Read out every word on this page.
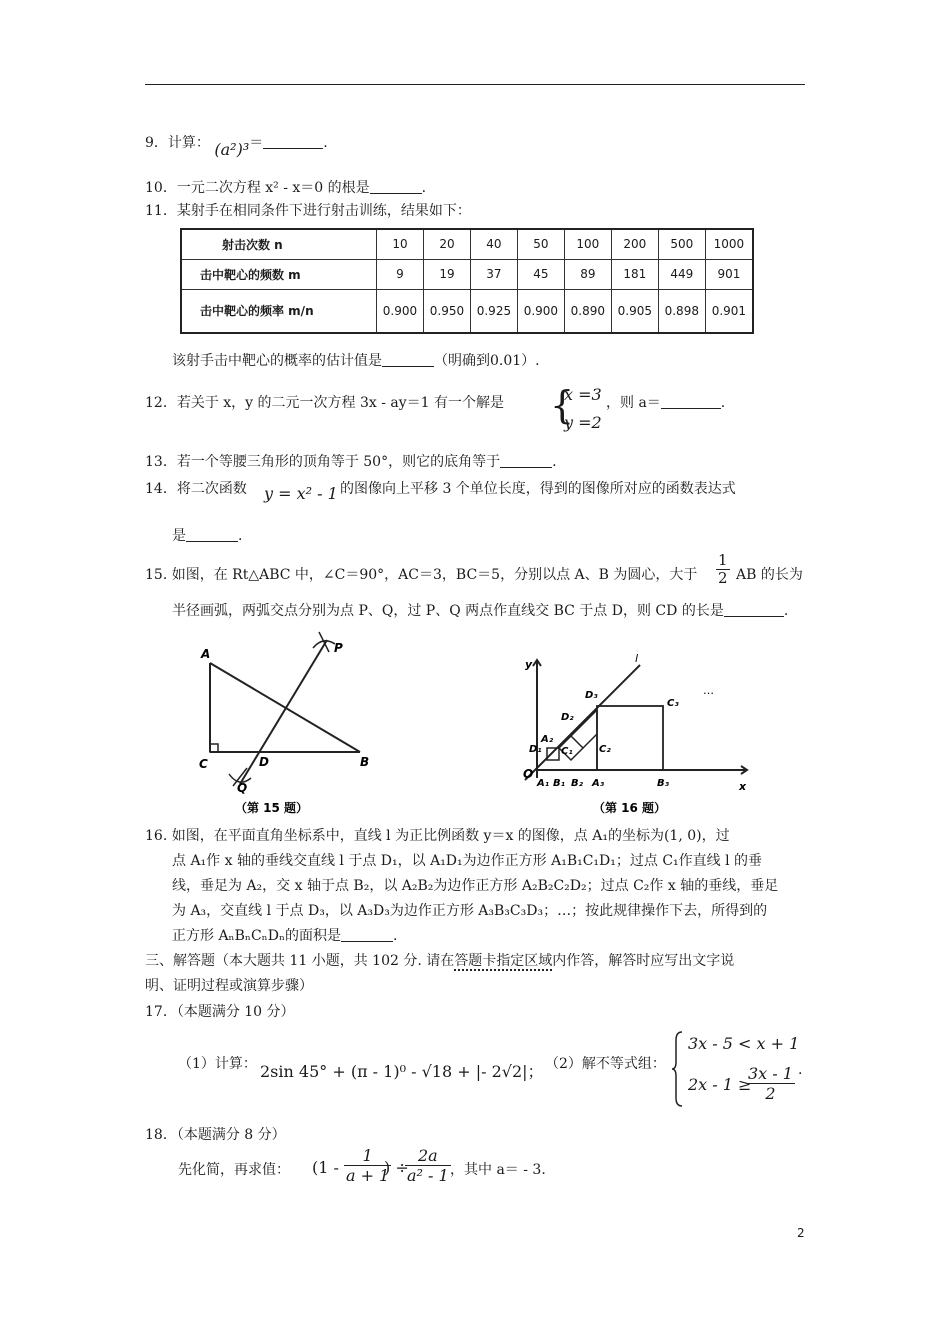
9．计算： (a²)³＝	.
10．一元二次方程 x² - x＝0 的根是	.
11．某射手在相同条件下进行射击训练，结果如下：
射击次数 n	10	20	40	50	100	200	500	1000
击中靶心的频数 m	9	19	37	45	89	181	449	901
击中靶心的频率 m/n	0.900	0.950	0.925	0.900	0.890	0.905	0.898	0.901
该射手击中靶心的概率的估计值是	（明确到0.01）.
12．若关于 x，y 的二元一次方程 3x - ay＝1 有一个解是 {
x =3
y =2
，则 a＝	.
13．若一个等腰三角形的顶角等于 50°，则它的底角等于	.
14．将二次函数 y = x² - 1 的图像向上平移 3 个单位长度，得到的图像所对应的函数表达式
是	.
15. 如图，在 Rt△ABC 中，∠C＝90°，AC＝3，BC＝5，分别以点 A、B 为圆心，大于 $\frac{1}{2}$ AB 的长为
半径画弧，两弧交点分别为点 P、Q，过 P、Q 两点作直线交 BC 于点 D，则 CD 的长是	.
A
B
C	D
P
Q
（第 15 题）
y
x
O
l
…
A₁ B₁ B₂ A₃	B₃
A₂
C₁
D₁
D₂
C₂
D₃
C₃
（第 16 题）
16. 如图，在平面直角坐标系中，直线 l 为正比例函数 y＝x 的图像，点 A₁的坐标为(1, 0)，过
点 A₁作 x 轴的垂线交直线 l 于点 D₁，以 A₁D₁为边作正方形 A₁B₁C₁D₁；过点 C₁作直线 l 的垂
线，垂足为 A₂，交 x 轴于点 B₂，以 A₂B₂为边作正方形 A₂B₂C₂D₂；过点 C₂作 x 轴的垂线，垂足
为 A₃，交直线 l 于点 D₃，以 A₃D₃为边作正方形 A₃B₃C₃D₃；…；按此规律操作下去，所得到的
正方形 AₙBₙCₙDₙ的面积是	.
三、解答题（本大题共 11 小题，共 102 分. 请在答题卡指定区域内作答，解答时应写出文字说
明、证明过程或演算步骤）
17．（本题满分 10 分）
（1）计算： 2sin 45° + (π - 1)⁰ - √18 + |- 2√2|； （2）解不等式组：
3x - 5 < x + 1
2x - 1 ≥
$\frac{3x - 1}{2}$ .
18．（本题满分 8 分）
先化简，再求值： ($1 - \frac{1}{a + 1}$
) ÷
$\frac{2a}{\text{a² - 1}}$ ，其中 a＝ - 3.
2
